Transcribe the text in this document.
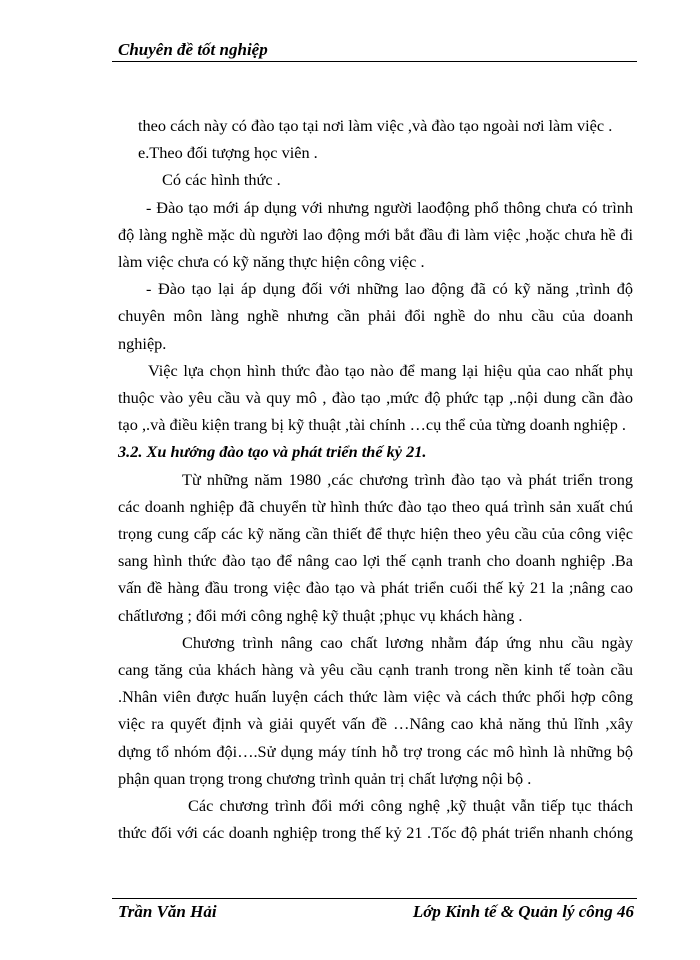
Chuyên đề tốt nghiệp
theo cách này có đào tạo tại nơi làm việc ,và đào tạo ngoài nơi làm việc .
e.Theo đối tượng học viên .
Có các hình thức .
- Đào tạo mới áp dụng với nhưng người laođộng phổ thông chưa có trình
độ làng nghề mặc dù người lao động mới bắt đầu đi làm việc ,hoặc chưa hề đi
làm việc chưa có kỹ năng thực hiện công việc .
- Đào tạo lại áp dụng đối với những lao động đã có kỹ năng ,trình độ
chuyên môn làng nghề nhưng cần phải đổi nghề do nhu cầu của doanh
nghiệp.
Việc lựa chọn hình thức đào tạo nào để mang lại hiệu qủa cao nhất phụ
thuộc vào yêu cầu và quy mô , đào tạo ,mức độ phức tạp ,.nội dung cần đào
tạo ,.và điều kiện trang bị kỹ thuật ,tài chính …cụ thể của từng doanh nghiệp .
3.2. Xu hướng đào tạo và phát triển thế kỷ 21.
Từ những năm 1980 ,các chương trình đào tạo và phát triển trong
các doanh nghiệp đã chuyển từ hình thức đào tạo theo quá trình sản xuất chú
trọng cung cấp các kỹ năng cần thiết để thực hiện theo yêu cầu của công việc
sang hình thức đào tạo để nâng cao lợi thế cạnh tranh cho doanh nghiệp .Ba
vấn đề hàng đầu trong việc đào tạo và phát triển cuối thế kỷ 21 la ;nâng cao
chấtlương ; đổi mới công nghệ kỹ thuật ;phục vụ khách hàng .
Chương trình nâng cao chất lương nhằm đáp ứng nhu cầu ngày
cang tăng của khách hàng và yêu cầu cạnh tranh trong nền kinh tế toàn cầu
.Nhân viên được huấn luyện cách thức làm việc và cách thức phối hợp công
việc ra quyết định và giải quyết vấn đề …Nâng cao khả năng thủ lĩnh ,xây
dựng tổ nhóm đội….Sử dụng máy tính hỗ trợ trong các mô hình là những bộ
phận quan trọng trong chương trình quản trị chất lượng nội bộ .
Các chương trình đổi mới công nghệ ,kỹ thuật vẫn tiếp tục thách
thức đối với các doanh nghiệp trong thế kỷ 21 .Tốc độ phát triển nhanh chóng
Trần Văn Hải	Lớp Kinh tế & Quản lý công 46
